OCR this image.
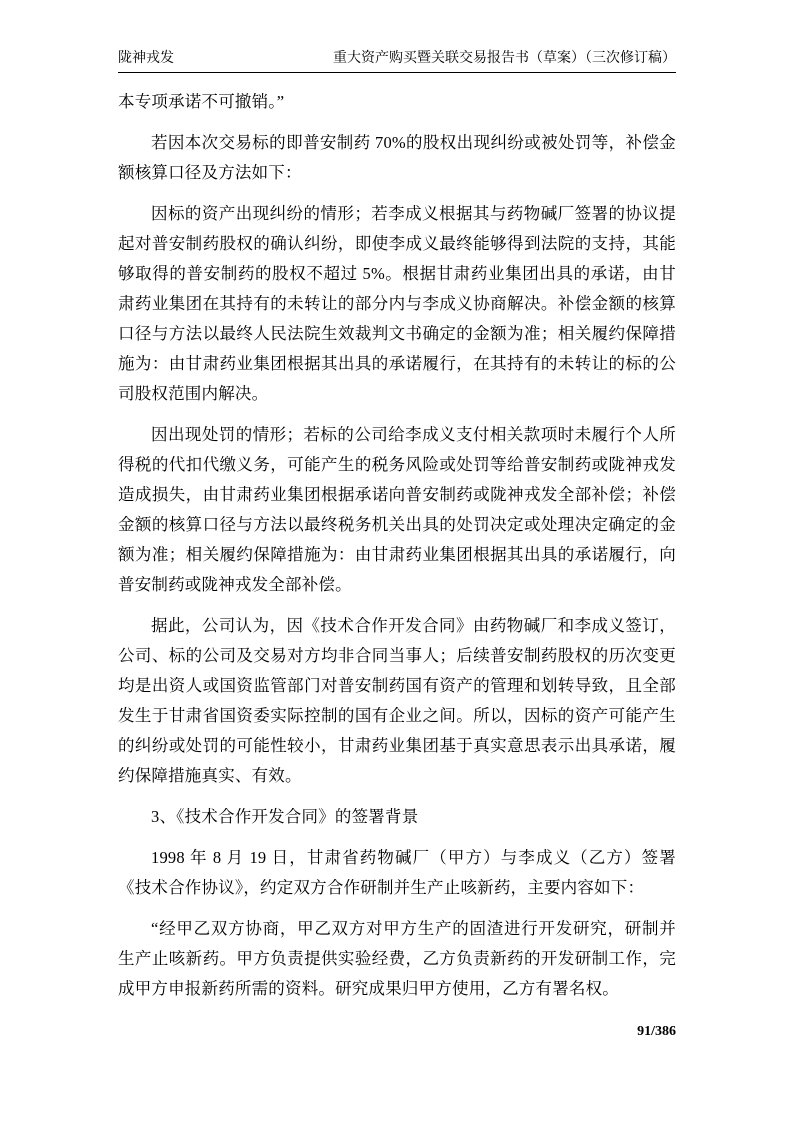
陇神戎发	重大资产购买暨关联交易报告书（草案）（三次修订稿）

本专项承诺不可撤销。”

若因本次交易标的即普安制药 70%的股权出现纠纷或被处罚等，补偿金额核算口径及方法如下：

因标的资产出现纠纷的情形；若李成义根据其与药物碱厂签署的协议提起对普安制药股权的确认纠纷，即使李成义最终能够得到法院的支持，其能够取得的普安制药的股权不超过 5%。根据甘肃药业集团出具的承诺，由甘肃药业集团在其持有的未转让的部分内与李成义协商解决。补偿金额的核算口径与方法以最终人民法院生效裁判文书确定的金额为准；相关履约保障措施为：由甘肃药业集团根据其出具的承诺履行，在其持有的未转让的标的公司股权范围内解决。

因出现处罚的情形；若标的公司给李成义支付相关款项时未履行个人所得税的代扣代缴义务，可能产生的税务风险或处罚等给普安制药或陇神戎发造成损失，由甘肃药业集团根据承诺向普安制药或陇神戎发全部补偿；补偿金额的核算口径与方法以最终税务机关出具的处罚决定或处理决定确定的金额为准；相关履约保障措施为：由甘肃药业集团根据其出具的承诺履行，向普安制药或陇神戎发全部补偿。

据此，公司认为，因《技术合作开发合同》由药物碱厂和李成义签订，公司、标的公司及交易对方均非合同当事人；后续普安制药股权的历次变更均是出资人或国资监管部门对普安制药国有资产的管理和划转导致，且全部发生于甘肃省国资委实际控制的国有企业之间。所以，因标的资产可能产生的纠纷或处罚的可能性较小，甘肃药业集团基于真实意思表示出具承诺，履约保障措施真实、有效。

3、《技术合作开发合同》的签署背景

1998 年 8 月 19 日，甘肃省药物碱厂（甲方）与李成义（乙方）签署《技术合作协议》，约定双方合作研制并生产止咳新药，主要内容如下：

“经甲乙双方协商，甲乙双方对甲方生产的固渣进行开发研究，研制并生产止咳新药。甲方负责提供实验经费，乙方负责新药的开发研制工作，完成甲方申报新药所需的资料。研究成果归甲方使用，乙方有署名权。

91/386
